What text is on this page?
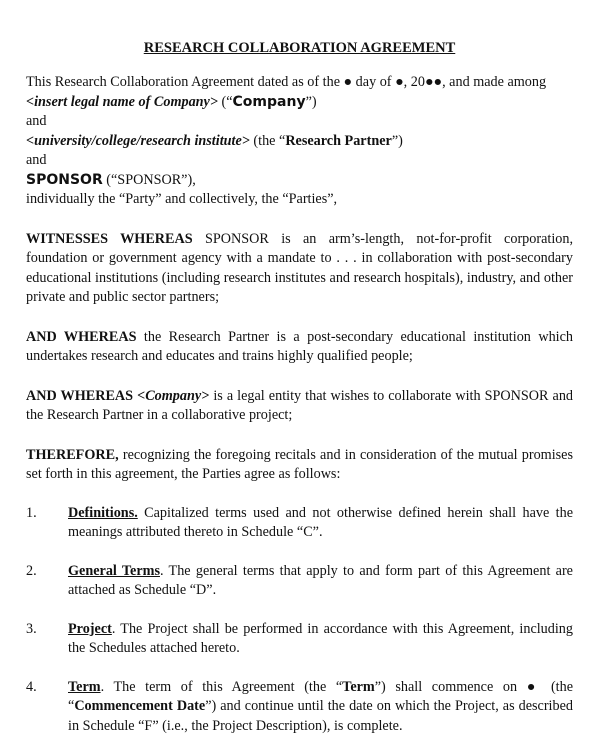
RESEARCH COLLABORATION AGREEMENT

This Research Collaboration Agreement dated as of the ● day of ●, 20●●, and made among

<insert legal name of Company> (“Company”)

and

<university/college/research institute> (the “Research Partner”)

and

SPONSOR (“SPONSOR”),

individually the “Party” and collectively, the “Parties”,

WITNESSES WHEREAS SPONSOR is an arm’s-length, not-for-profit corporation, foundation or government agency with a mandate to . . . in collaboration with post-secondary educational institutions (including research institutes and research hospitals), industry, and other private and public sector partners;

AND WHEREAS the Research Partner is a post-secondary educational institution which undertakes research and educates and trains highly qualified people;

AND WHEREAS <Company> is a legal entity that wishes to collaborate with SPONSOR and the Research Partner in a collaborative project;

THEREFORE, recognizing the foregoing recitals and in consideration of the mutual promises set forth in this agreement, the Parties agree as follows:

1.	Definitions. Capitalized terms used and not otherwise defined herein shall have the meanings attributed thereto in Schedule “C”.

2.	General Terms. The general terms that apply to and form part of this Agreement are attached as Schedule “D”.

3.	Project. The Project shall be performed in accordance with this Agreement, including the Schedules attached hereto.

4.	Term. The term of this Agreement (the “Term”) shall commence on ● (the “Commencement Date”) and continue until the date on which the Project, as described in Schedule “F” (i.e., the Project Description), is complete.
